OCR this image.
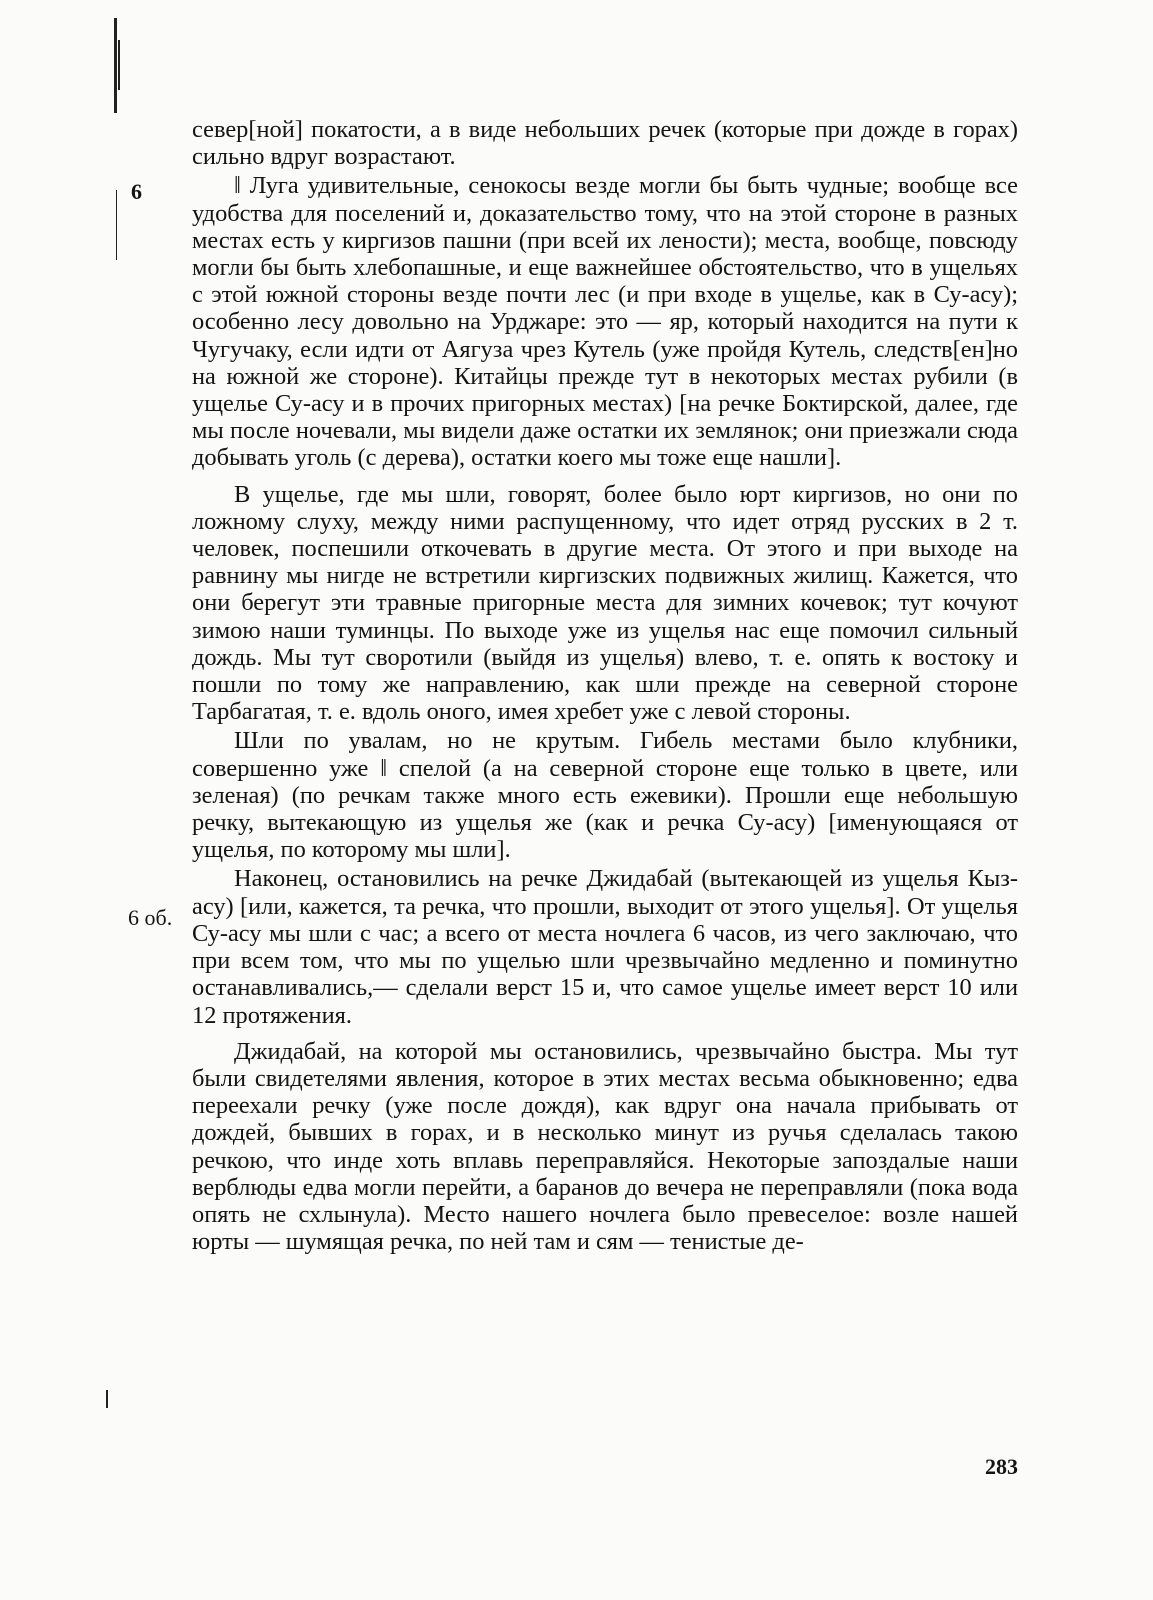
6
6 об.

север[ной] покатости, а в виде небольших речек (которые при дожде в горах) сильно вдруг возрастают.

‖ Луга удивительные, сенокосы везде могли бы быть чудные; вообще все удобства для поселений и, доказательство тому, что на этой стороне в разных местах есть у киргизов пашни (при всей их лености); места, вообще, повсюду могли бы быть хлебопашные, и еще важнейшее обстоятельство, что в ущельях с этой южной стороны везде почти лес (и при входе в ущелье, как в Су-асу); особенно лесу довольно на Урджаре: это — яр, который находится на пути к Чугучаку, если идти от Аягуза чрез Кутель (уже пройдя Кутель, следств[ен]но на южной же стороне). Китайцы прежде тут в некоторых местах рубили (в ущелье Су-асу и в прочих пригорных местах) [на речке Боктирской, далее, где мы после ночевали, мы видели даже остатки их землянок; они приезжали сюда добывать уголь (с дерева), остатки коего мы тоже еще нашли].

В ущелье, где мы шли, говорят, более было юрт киргизов, но они по ложному слуху, между ними распущенному, что идет отряд русских в 2 т. человек, поспешили откочевать в другие места. От этого и при выходе на равнину мы нигде не встретили киргизских подвижных жилищ. Кажется, что они берегут эти травные пригорные места для зимних кочевок; тут кочуют зимою наши туминцы. По выходе уже из ущелья нас еще помочил сильный дождь. Мы тут своротили (выйдя из ущелья) влево, т. е. опять к востоку и пошли по тому же направлению, как шли прежде на северной стороне Тарбагатая, т. е. вдоль оного, имея хребет уже с левой стороны.

Шли по увалам, но не крутым. Гибель местами было клубники, совершенно уже ‖ спелой (а на северной стороне еще только в цвете, или зеленая) (по речкам также много есть ежевики). Прошли еще небольшую речку, вытекающую из ущелья же (как и речка Су-асу) [именующаяся от ущелья, по которому мы шли].

Наконец, остановились на речке Джидабай (вытекающей из ущелья Кыз-асу) [или, кажется, та речка, что прошли, выходит от этого ущелья]. От ущелья Су-асу мы шли с час; а всего от места ночлега 6 часов, из чего заключаю, что при всем том, что мы по ущелью шли чрезвычайно медленно и поминутно останавливались,— сделали верст 15 и, что самое ущелье имеет верст 10 или 12 протяжения.

Джидабай, на которой мы остановились, чрезвычайно быстра. Мы тут были свидетелями явления, которое в этих местах весьма обыкновенно; едва переехали речку (уже после дождя), как вдруг она начала прибывать от дождей, бывших в горах, и в несколько минут из ручья сделалась такою речкою, что инде хоть вплавь переправляйся. Некоторые запоздалые наши верблюды едва могли перейти, а баранов до вечера не переправляли (пока вода опять не схлынула). Место нашего ночлега было превеселое: возле нашей юрты — шумящая речка, по ней там и сям — тенистые де-

283
